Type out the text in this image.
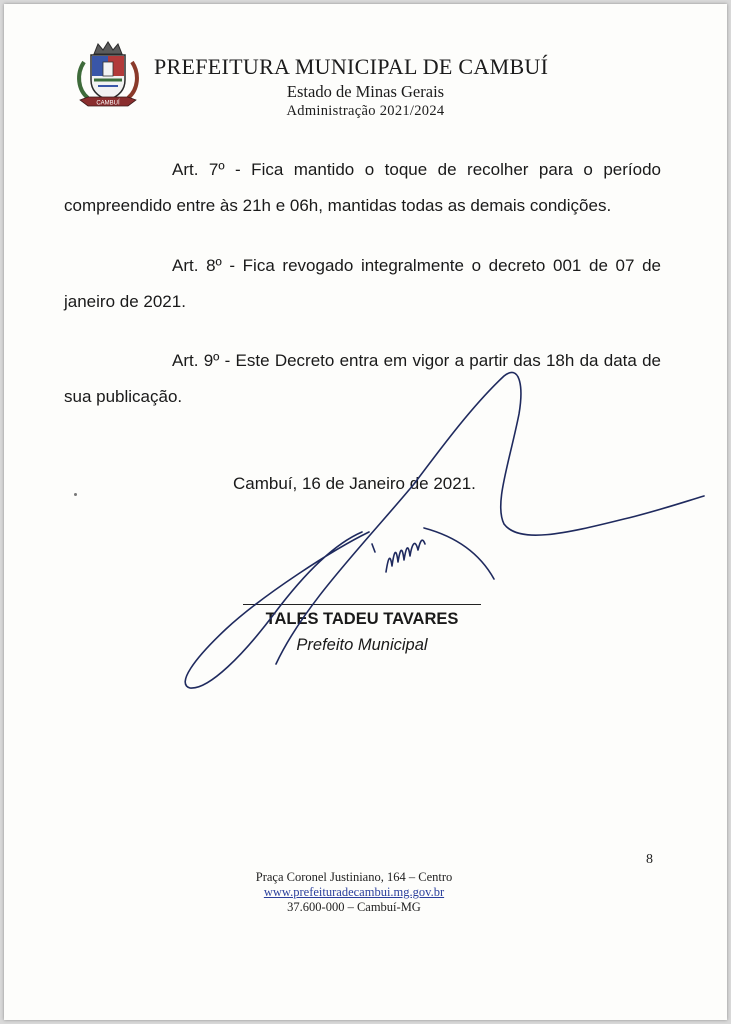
CAMBUÍ
PREFEITURA MUNICIPAL DE CAMBUÍ
Estado de Minas Gerais
Administração 2021/2024

Art. 7º - Fica mantido o toque de recolher para o período compreendido entre às 21h e 06h, mantidas todas as demais condições.

Art. 8º - Fica revogado integralmente o decreto 001 de 07 de janeiro de 2021.

Art. 9º - Este Decreto entra em vigor a partir das 18h da data de sua publicação.

Cambuí, 16 de Janeiro de 2021.
TALES TADEU TAVARES
Prefeito Municipal
8
Praça Coronel Justiniano, 164 – Centro
www.prefeituradecambui.mg.gov.br
37.600-000 – Cambuí-MG
